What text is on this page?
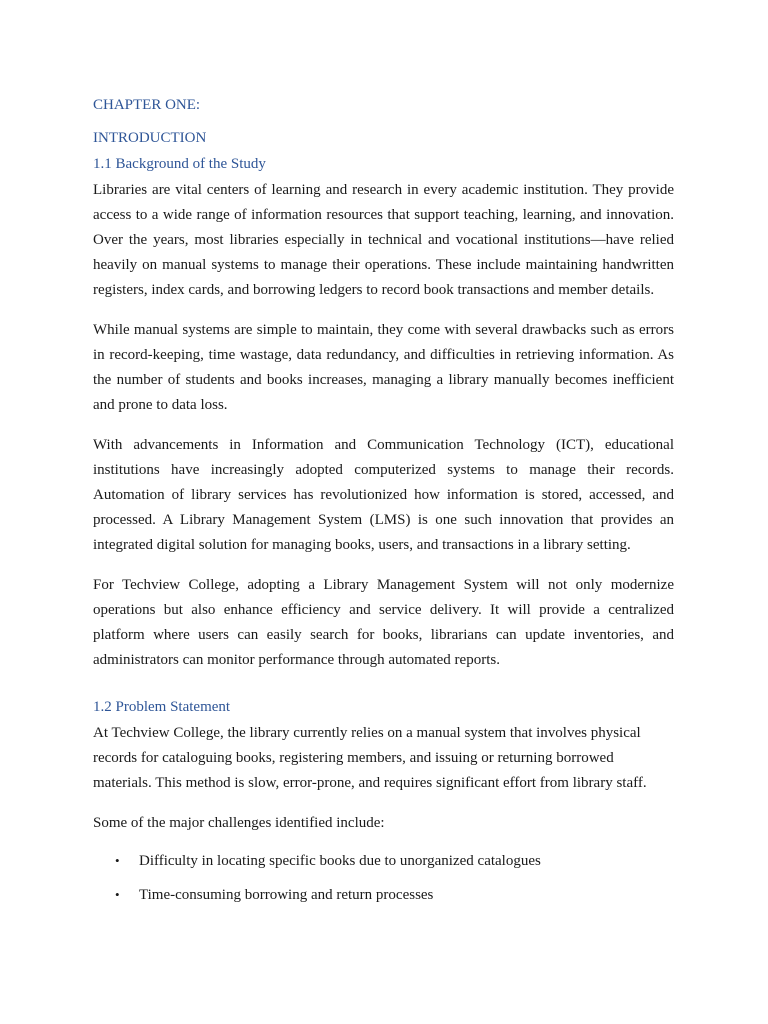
CHAPTER ONE:
INTRODUCTION
1.1 Background of the Study

Libraries are vital centers of learning and research in every academic institution. They provide access to a wide range of information resources that support teaching, learning, and innovation. Over the years, most libraries especially in technical and vocational institutions—have relied heavily on manual systems to manage their operations. These include maintaining handwritten registers, index cards, and borrowing ledgers to record book transactions and member details.

While manual systems are simple to maintain, they come with several drawbacks such as errors in record-keeping, time wastage, data redundancy, and difficulties in retrieving information. As the number of students and books increases, managing a library manually becomes inefficient and prone to data loss.

With advancements in Information and Communication Technology (ICT), educational institutions have increasingly adopted computerized systems to manage their records. Automation of library services has revolutionized how information is stored, accessed, and processed. A Library Management System (LMS) is one such innovation that provides an integrated digital solution for managing books, users, and transactions in a library setting.

For Techview College, adopting a Library Management System will not only modernize operations but also enhance efficiency and service delivery. It will provide a centralized platform where users can easily search for books, librarians can update inventories, and administrators can monitor performance through automated reports.

1.2 Problem Statement

At Techview College, the library currently relies on a manual system that involves physical records for cataloguing books, registering members, and issuing or returning borrowed materials. This method is slow, error-prone, and requires significant effort from library staff.

Some of the major challenges identified include:

• Difficulty in locating specific books due to unorganized catalogues
• Time-consuming borrowing and return processes
